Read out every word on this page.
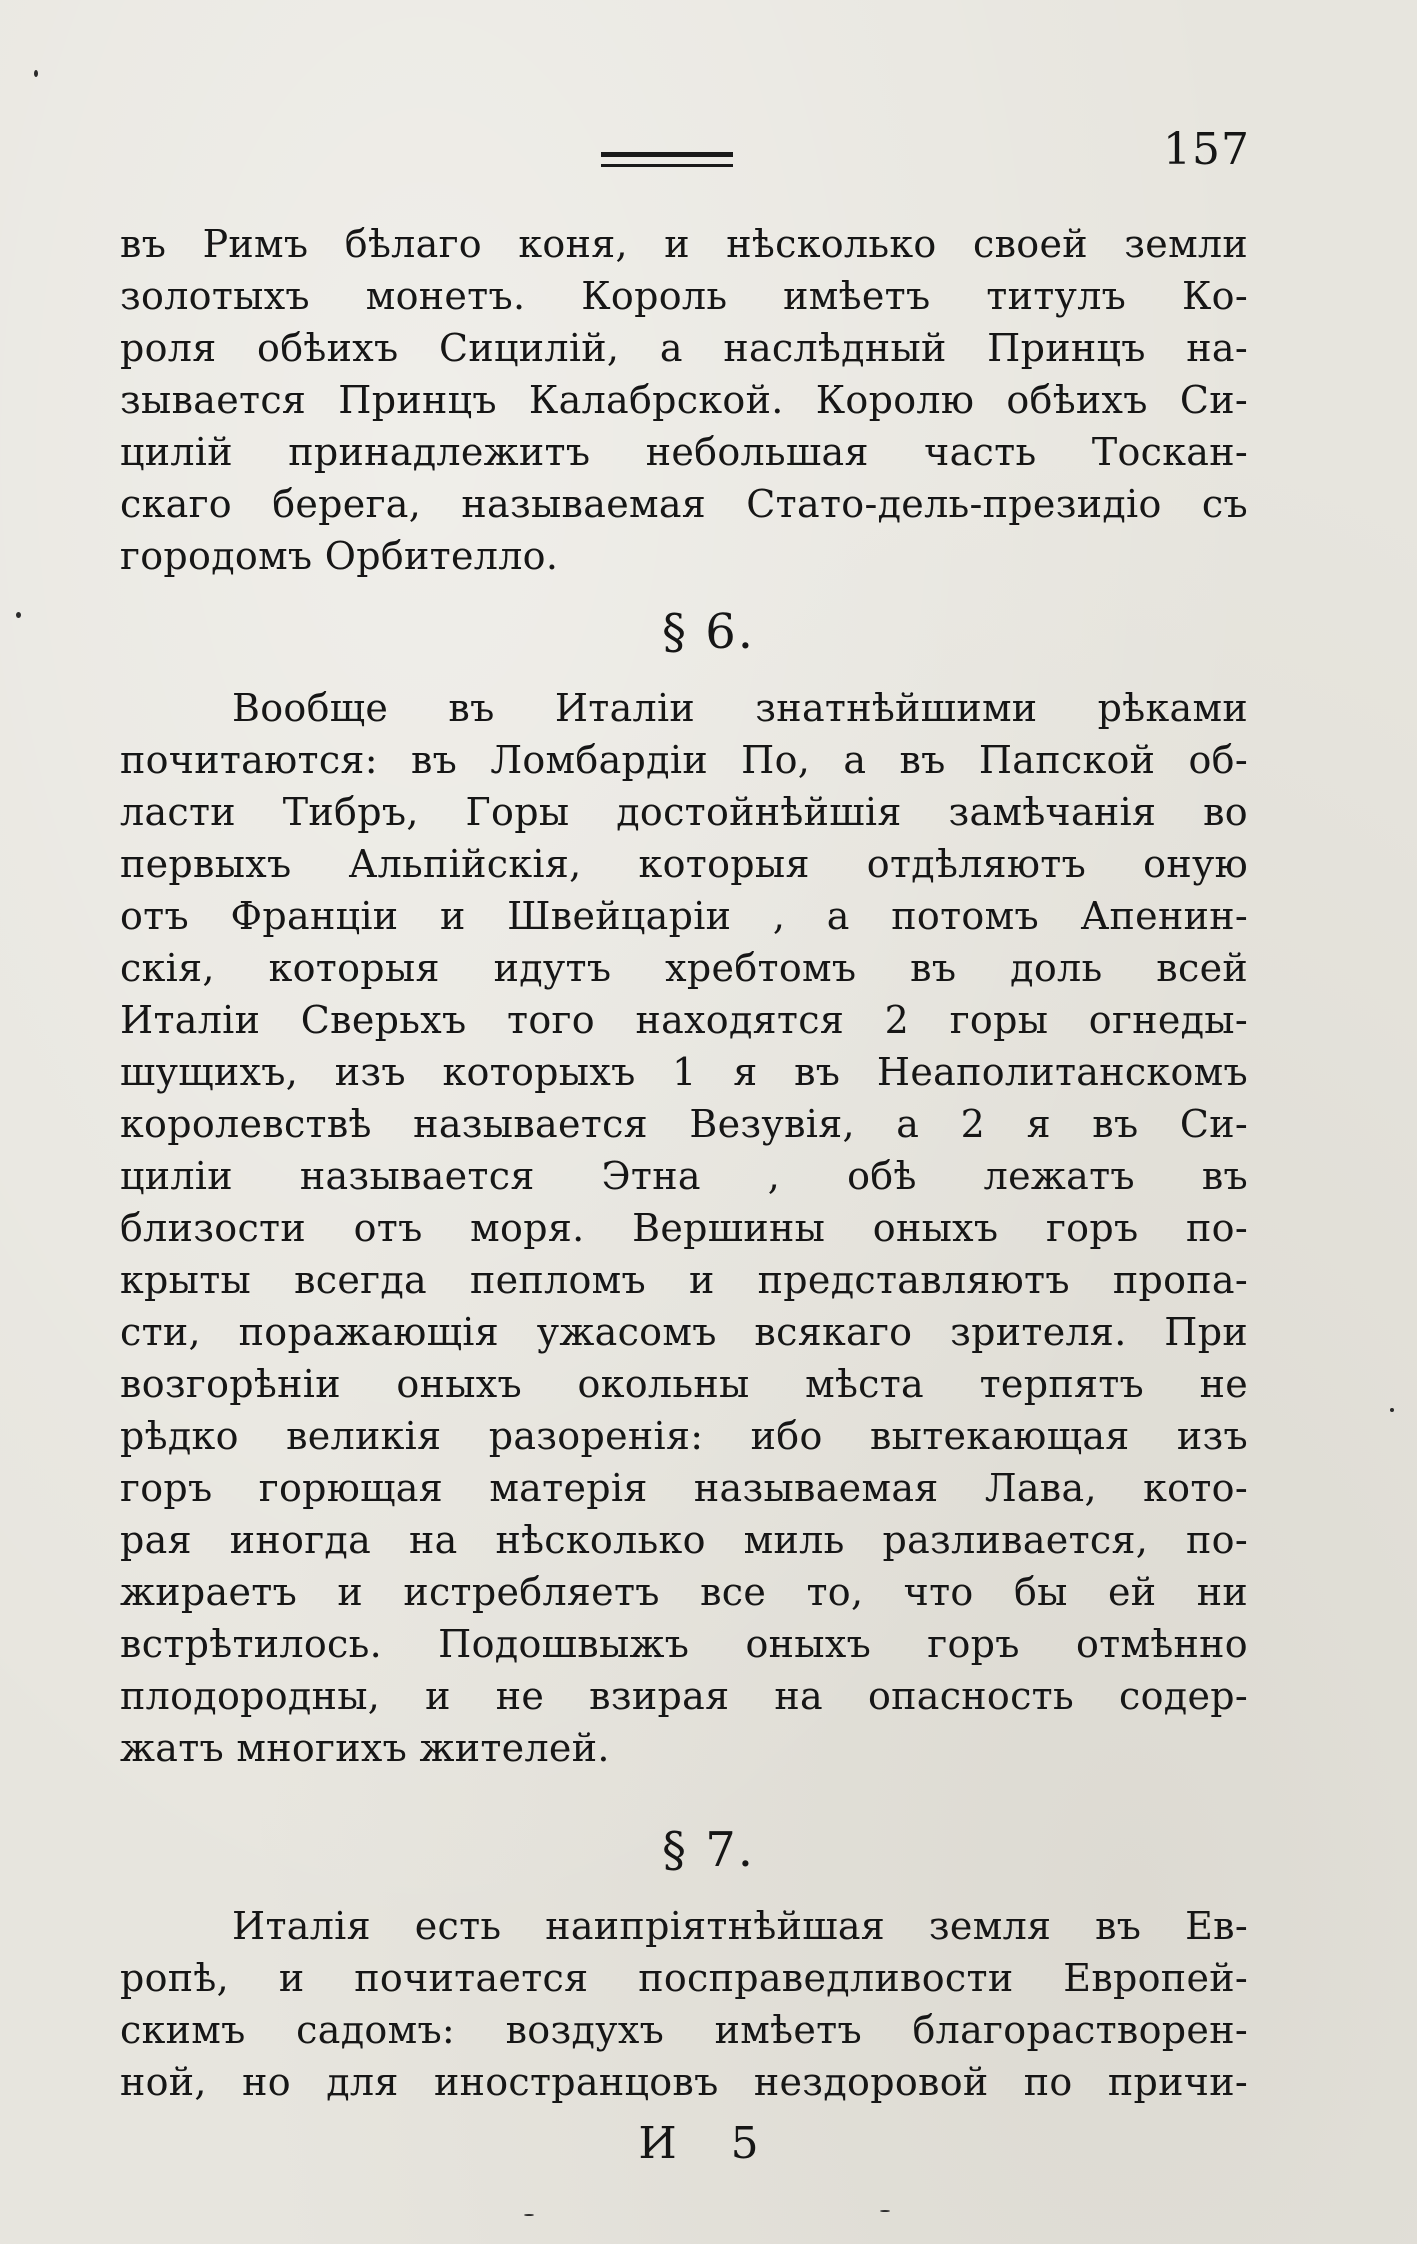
157
въ Римъ бѣлаго коня, и нѣсколько своей земли
золотыхъ монетъ. Король имѣетъ титулъ Ко-
роля обѣихъ Сицилій, а наслѣдный Принцъ на-
зывается Принцъ Калабрской. Королю обѣихъ Си-
цилій принадлежитъ небольшая часть Тоскан-
скаго берега, называемая Стато-дель-президіо съ
городомъ Орбителло.
§ 6.
Вообще въ Италіи знатнѣйшими рѣками
почитаются: въ Ломбардіи По, а въ Папской об-
ласти Тибръ, Горы достойнѣйшія замѣчанія во
первыхъ Альпійскія, которыя отдѣляютъ оную
отъ Франціи и Швейцаріи , а потомъ Апенин-
скія, которыя идутъ хребтомъ въ доль всей
Италіи Сверьхъ того находятся 2 горы огнеды-
шущихъ, изъ которыхъ 1 я въ Неаполитанскомъ
королевствѣ называется Везувія, а 2 я въ Си-
циліи называется Этна , обѣ лежатъ въ
близости отъ моря. Вершины оныхъ горъ по-
крыты всегда пепломъ и представляютъ пропа-
сти, поражающія ужасомъ всякаго зрителя. При
возгорѣніи оныхъ окольны мѣста терпятъ не
рѣдко великія разоренія: ибо вытекающая изъ
горъ горющая матерія называемая Лава, кото-
рая иногда на нѣсколько миль разливается, по-
жираетъ и истребляетъ все то, что бы ей ни
встрѣтилось. Подошвыжъ оныхъ горъ отмѣнно
плодородны, и не взирая на опасность содер-
жатъ многихъ жителей.
§ 7.
Италія есть наипріятнѣйшая земля въ Ев-
ропѣ, и почитается посправедливости Европей-
скимъ садомъ: воздухъ имѣетъ благорастворен-
ной, но для иностранцовъ нездоровой по причи-
И 5
